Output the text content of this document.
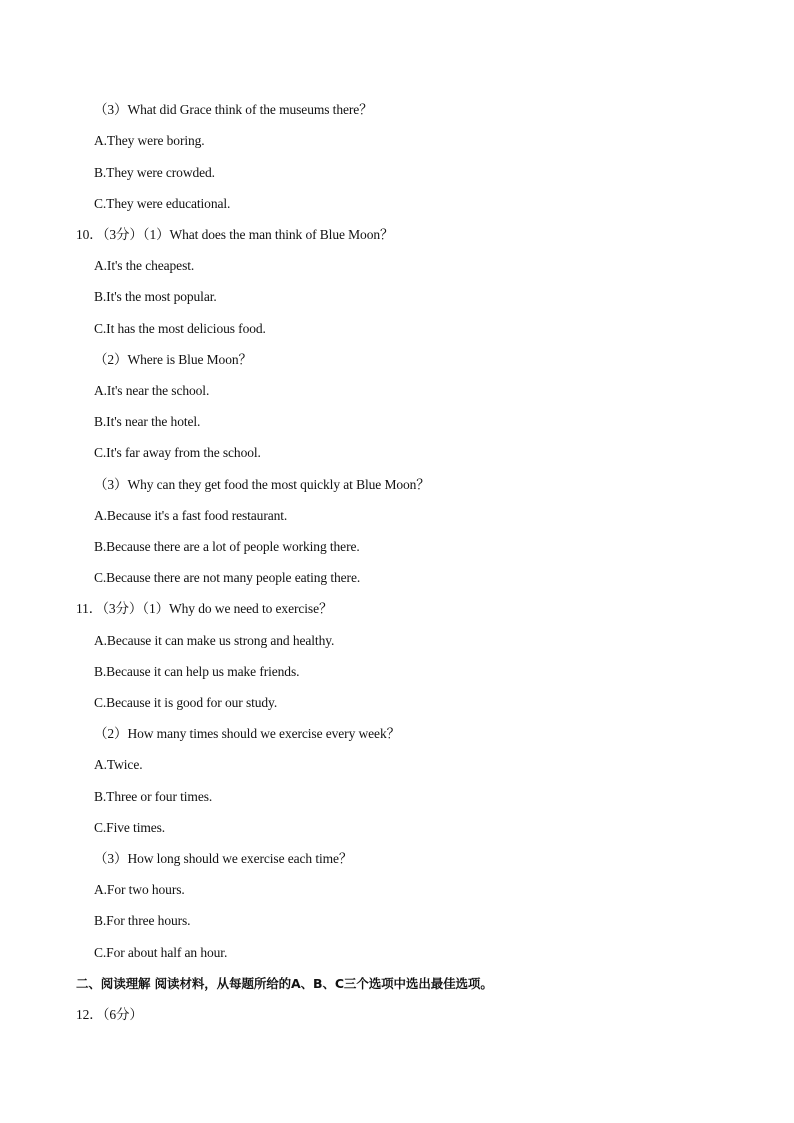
（3）What did Grace think of the museums there？
A.They were boring.
B.They were crowded.
C.They were educational.
10．（3分）（1）What does the man think of Blue Moon？
A.It's the cheapest.
B.It's the most popular.
C.It has the most delicious food.
（2）Where is Blue Moon？
A.It's near the school.
B.It's near the hotel.
C.It's far away from the school.
（3）Why can they get food the most quickly at Blue Moon？
A.Because it's a fast food restaurant.
B.Because there are a lot of people working there.
C.Because there are not many people eating there.
11．（3分）（1）Why do we need to exercise？
A.Because it can make us strong and healthy.
B.Because it can help us make friends.
C.Because it is good for our study.
（2）How many times should we exercise every week？
A.Twice.
B.Three or four times.
C.Five times.
（3）How long should we exercise each time？
A.For two hours.
B.For three hours.
C.For about half an hour.
二、阅读理解 阅读材料，从每题所给的A、B、C三个选项中选出最佳选项。
12．（6分）
